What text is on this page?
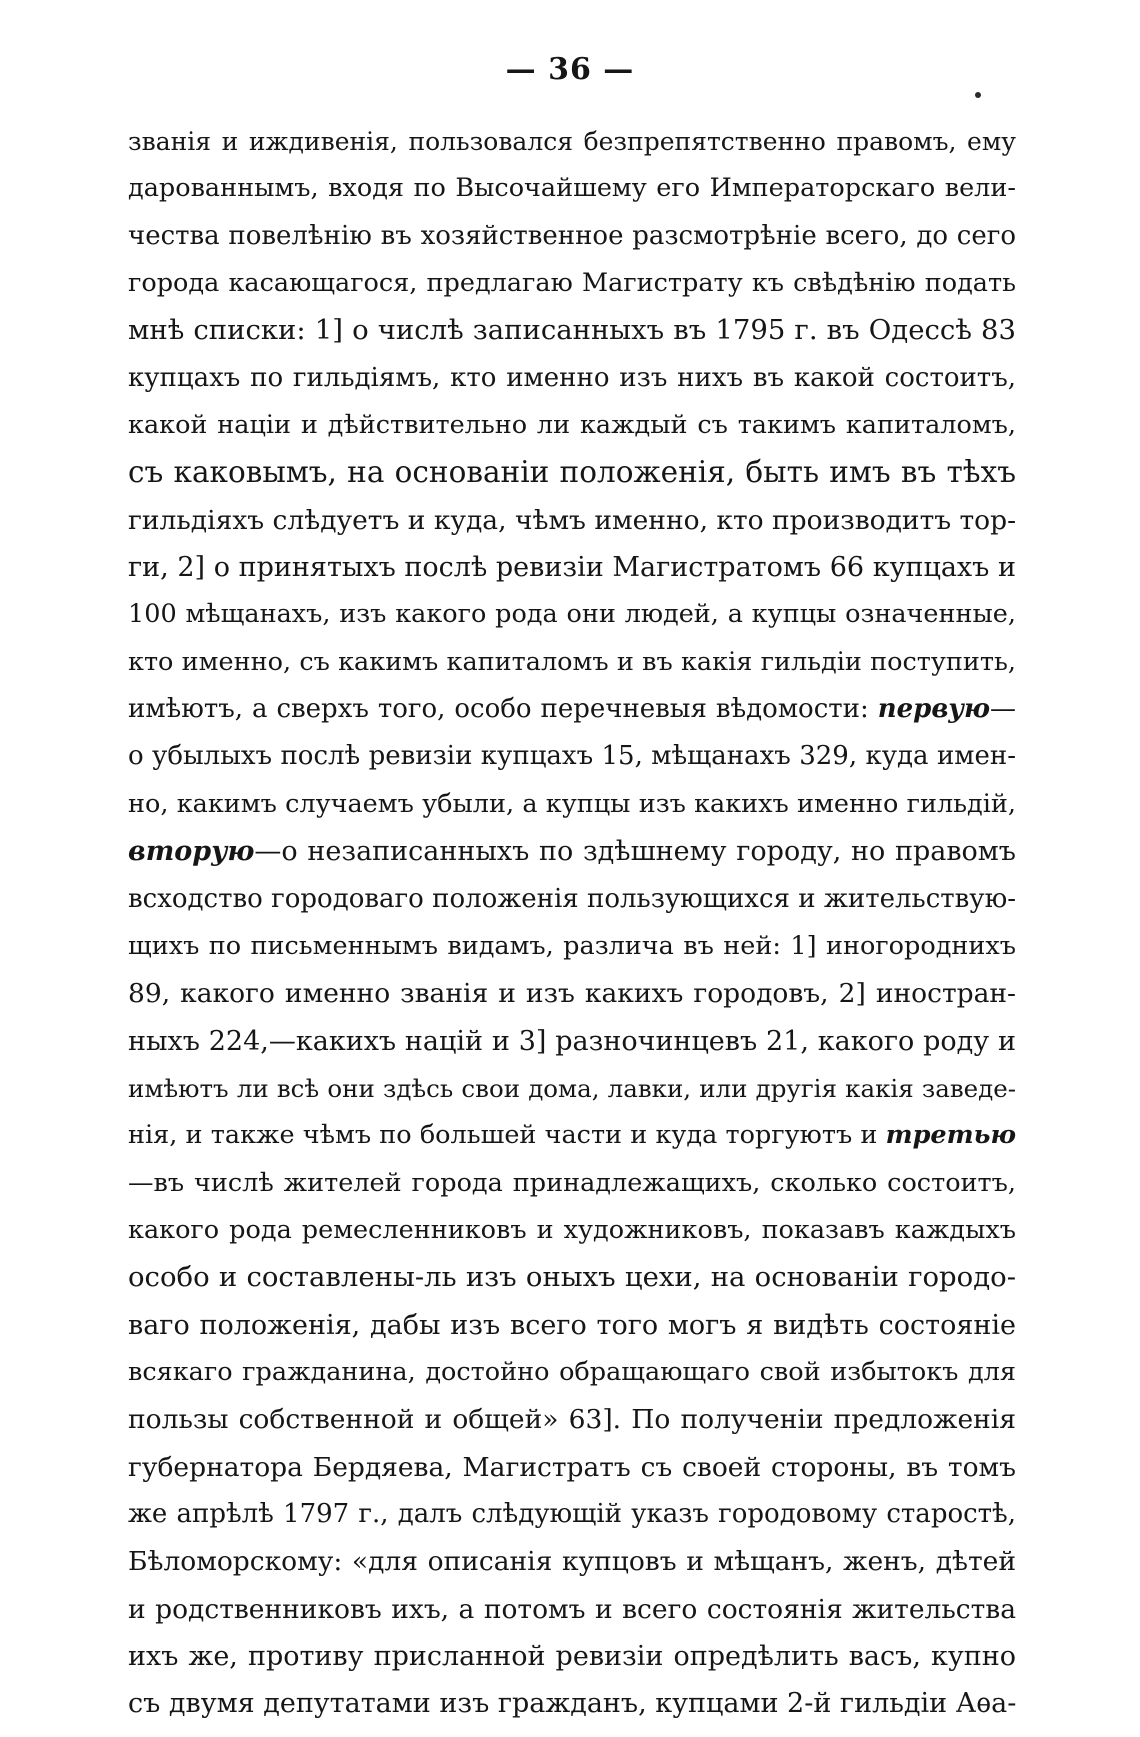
— 36 —
званія и иждивенія, пользовался безпрепятственно правомъ, ему
дарованнымъ, входя по Высочайшему его Императорскаго вели-
чества повелѣнію въ хозяйственное разсмотрѣніе всего, до сего
города касающагося, предлагаю Магистрату къ свѣдѣнію подать
мнѣ списки: 1] о числѣ записанныхъ въ 1795 г. въ Одессѣ 83
купцахъ по гильдіямъ, кто именно изъ нихъ въ какой состоитъ,
какой націи и дѣйствительно ли каждый съ такимъ капиталомъ,
съ каковымъ, на основаніи положенія, быть имъ въ тѣхъ
гильдіяхъ слѣдуетъ и куда, чѣмъ именно, кто производитъ тор-
ги, 2] о принятыхъ послѣ ревизіи Магистратомъ 66 купцахъ и
100 мѣщанахъ, изъ какого рода они людей, а купцы означенные,
кто именно, съ какимъ капиталомъ и въ какія гильдіи поступить,
имѣютъ, а сверхъ того, особо перечневыя вѣдомости: первую—
о убылыхъ послѣ ревизіи купцахъ 15, мѣщанахъ 329, куда имен-
но, какимъ случаемъ убыли, а купцы изъ какихъ именно гильдій,
вторую—о незаписанныхъ по здѣшнему городу, но правомъ
всходство городоваго положенія пользующихся и жительствую-
щихъ по письменнымъ видамъ, различа въ ней: 1] иногороднихъ
89, какого именно званія и изъ какихъ городовъ, 2] иностран-
ныхъ 224,—какихъ націй и 3] разночинцевъ 21, какого роду и
имѣютъ ли всѣ они здѣсь свои дома, лавки, или другія какія заведе-
нія, и также чѣмъ по большей части и куда торгуютъ и третью
—въ числѣ жителей города принадлежащихъ, сколько состоитъ,
какого рода ремесленниковъ и художниковъ, показавъ каждыхъ
особо и составлены-ль изъ оныхъ цехи, на основаніи городо-
ваго положенія, дабы изъ всего того могъ я видѣть состояніе
всякаго гражданина, достойно обращающаго свой избытокъ для
пользы собственной и общей» 63]. По полученіи предложенія
губернатора Бердяева, Магистратъ съ своей стороны, въ томъ
же апрѣлѣ 1797 г., далъ слѣдующій указъ городовому старостѣ,
Бѣломорскому: «для описанія купцовъ и мѣщанъ, женъ, дѣтей
и родственниковъ ихъ, а потомъ и всего состоянія жительства
ихъ же, противу присланной ревизіи опредѣлить васъ, купно
съ двумя депутатами изъ гражданъ, купцами 2-й гильдіи Аѳа-
